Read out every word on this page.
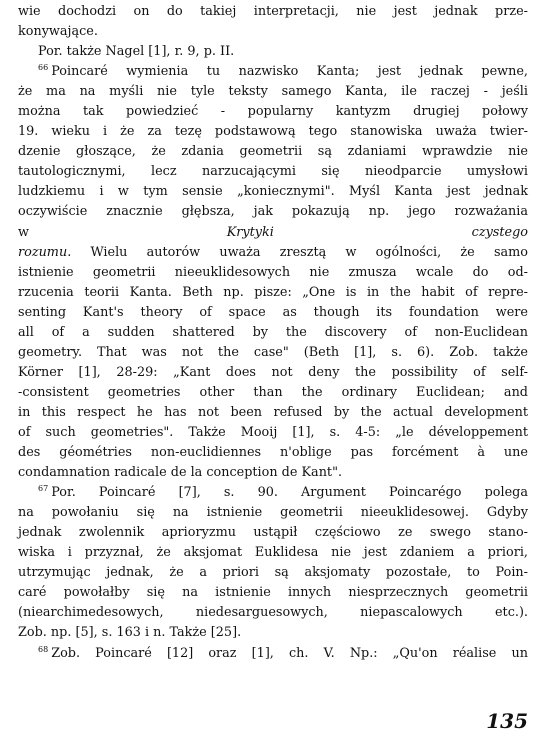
wie dochodzi on do takiej interpretacji, nie jest jednak prze-
konywające.
Por. także Nagel [1], r. 9, p. II.
$^{66}$ Poincaré wymienia tu nazwisko Kanta; jest jednak pewne,
że ma na myśli nie tyle teksty samego Kanta, ile raczej - jeśli
można tak powiedzieć - popularny kantyzm drugiej połowy
19. wieku i że za tezę podstawową tego stanowiska uważa twier-
dzenie głoszące, że zdania geometrii są zdaniami wprawdzie nie
tautologicznymi, lecz narzucającymi się nieodparcie umysłowi
ludzkiemu i w tym sensie „koniecznymi". Myśl Kanta jest jednak
oczywiście znacznie głębsza, jak pokazują np. jego rozważania
w Krytyki czystego
rozumu. Wielu autorów uważa zresztą w ogólności, że samo
istnienie geometrii nieeuklidesowych nie zmusza wcale do od-
rzucenia teorii Kanta. Beth np. pisze: „One is in the habit of repre-
senting Kant's theory of space as though its foundation were
all of a sudden shattered by the discovery of non-Euclidean
geometry. That was not the case" (Beth [1], s. 6). Zob. także
Körner [1], 28-29: „Kant does not deny the possibility of self-
-consistent geometries other than the ordinary Euclidean; and
in this respect he has not been refused by the actual development
of such geometries". Także Mooij [1], s. 4-5: „le développement
des géométries non-euclidiennes n'oblige pas forcément à une
condamnation radicale de la conception de Kant".
$^{67}$ Por. Poincaré [7], s. 90. Argument Poincarégo polega
na powołaniu się na istnienie geometrii nieeuklidesowej. Gdyby
jednak zwolennik aprioryzmu ustąpił częściowo ze swego stano-
wiska i przyznał, że aksjomat Euklidesa nie jest zdaniem a priori,
utrzymując jednak, że a priori są aksjomaty pozostałe, to Poin-
caré powołałby się na istnienie innych niesprzecznych geometrii
(niearchimedesowych, niedesarguesowych, niepascalowych etc.).
Zob. np. [5], s. 163 i n. Także [25].
$^{68}$ Zob. Poincaré [12] oraz [1], ch. V. Np.: „Qu'on réalise un
135
